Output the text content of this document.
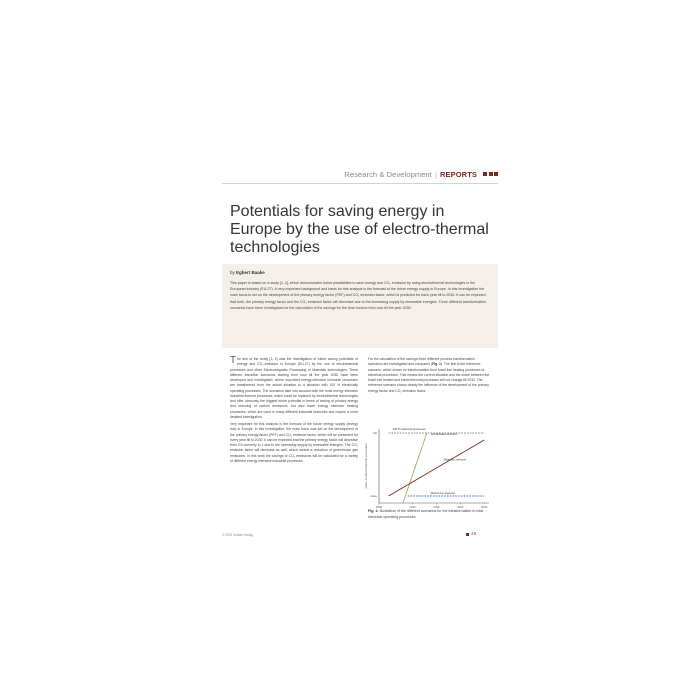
Research & Development | REPORTS
Potentials for saving energy in Europe by the use of electro-thermal technologies
by Egbert Baake

This paper is based on a study [1, 2], which demonstrates future possibilities to save energy and CO₂ emission by using electrothermal technologies in the European industry (EU-27). A very important background and basis for this analysis is the forecast of the future energy supply in Europe. In this investigation the main focus is set on the development of the primary energy factor (PEF) and CO₂ emission factor, which is predicted for each year till to 2030. It can be expected that both, the primary energy factor and the CO₂ emission factor will decrease due to the increasing supply by renewable energies. Three different transformation scenarios have been investigated for the calculation of the savings for the time horizon from now till the year 2030.

The aim of the study [1, 2] was the investigation of future saving potentials of energy and CO₂-emission in Europe (EU-27) by the use of electrothermal processes and other Electromagnetic Processing of Materials technologies. Three different transition scenarios starting from now till the year 2030 have been developed and investigated, where important energy-intensive industrial processes are transformed from the actual situation to a situation with 100 % electrically operating processes. The scenarios take into account both the most energy intensive industrial thermal processes, which could be replaced by electrothermal technologies and offer obviously the biggest future potential in terms of saving of primary energy and reducing of carbon emissions, but also lower energy intensive heating processes, which are used in many different industrial branches and require a more detailed investigation.

Very important for this analysis is the forecast of the future energy supply (energy mix) in Europe. In this investigation, the main focus was set on the development of the primary energy factor (PEF) and CO₂ emission factor, which will be presented for every year till to 2030. It can be expected that the primary energy factor will decrease from 2.5 currently to 1 due to the increasing supply by renewable energies. The CO₂ emission factor will decrease as well, which means a reduction of greenhouse gas emissions. In this work the savings of CO₂ emissions will be calculated for a variety of different energy intensive industrial processes.

For the calculation of the savings three different process transformation scenarios are investigated and compared (Fig. 1). The first is the reference scenario, which shows no transformation from fossil fuel heating processes to electrical processes. That means the current situation and the share between the fossil fuel heated and electrothermal processes will not change till 2030. The reference scenario shows clearly the influence of the development of the primary energy factor and CO₂ emission factor.

share of electrothermal processes
100
share
2008	2015	2020	2025	2030
100 % electrical processes
Accelerated scenario
Realistic scenario
Reference scenario
Fig. 1: Illustration of the different scenarios for the transformation to total electrical operating processes
© 2013 Vulkan-Verlag	49
